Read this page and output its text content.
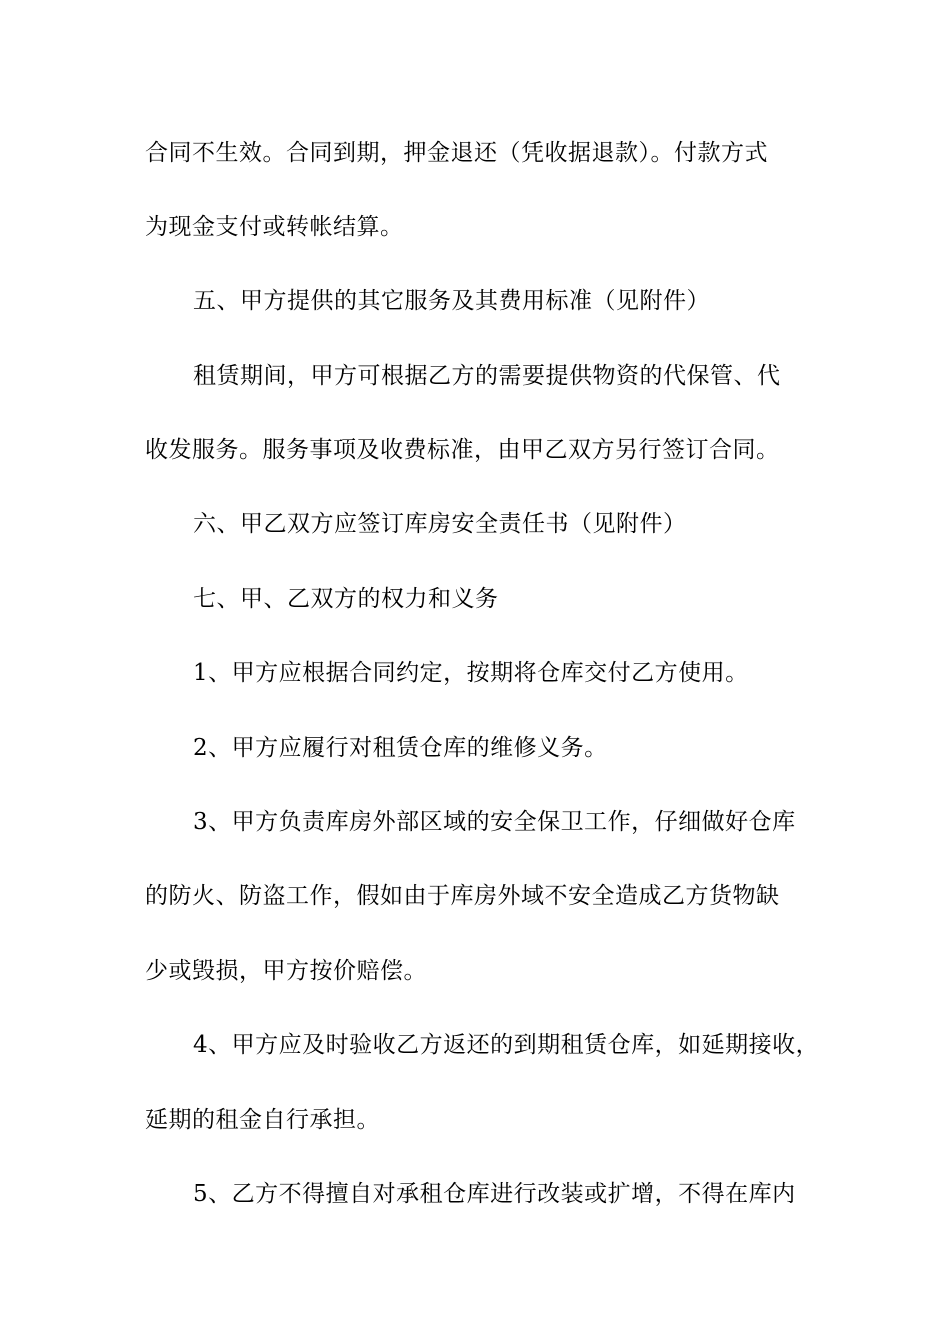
合同不生效。合同到期，押金退还（凭收据退款）。付款方式
为现金支付或转帐结算。
五、甲方提供的其它服务及其费用标准（见附件）
租赁期间，甲方可根据乙方的需要提供物资的代保管、代
收发服务。服务事项及收费标准，由甲乙双方另行签订合同。
六、甲乙双方应签订库房安全责任书（见附件）
七、甲、乙双方的权力和义务
1、甲方应根据合同约定，按期将仓库交付乙方使用。
2、甲方应履行对租赁仓库的维修义务。
3、甲方负责库房外部区域的安全保卫工作，仔细做好仓库
的防火、防盗工作，假如由于库房外域不安全造成乙方货物缺
少或毁损，甲方按价赔偿。
4、甲方应及时验收乙方返还的到期租赁仓库，如延期接收，
延期的租金自行承担。
5、乙方不得擅自对承租仓库进行改装或扩增，不得在库内
